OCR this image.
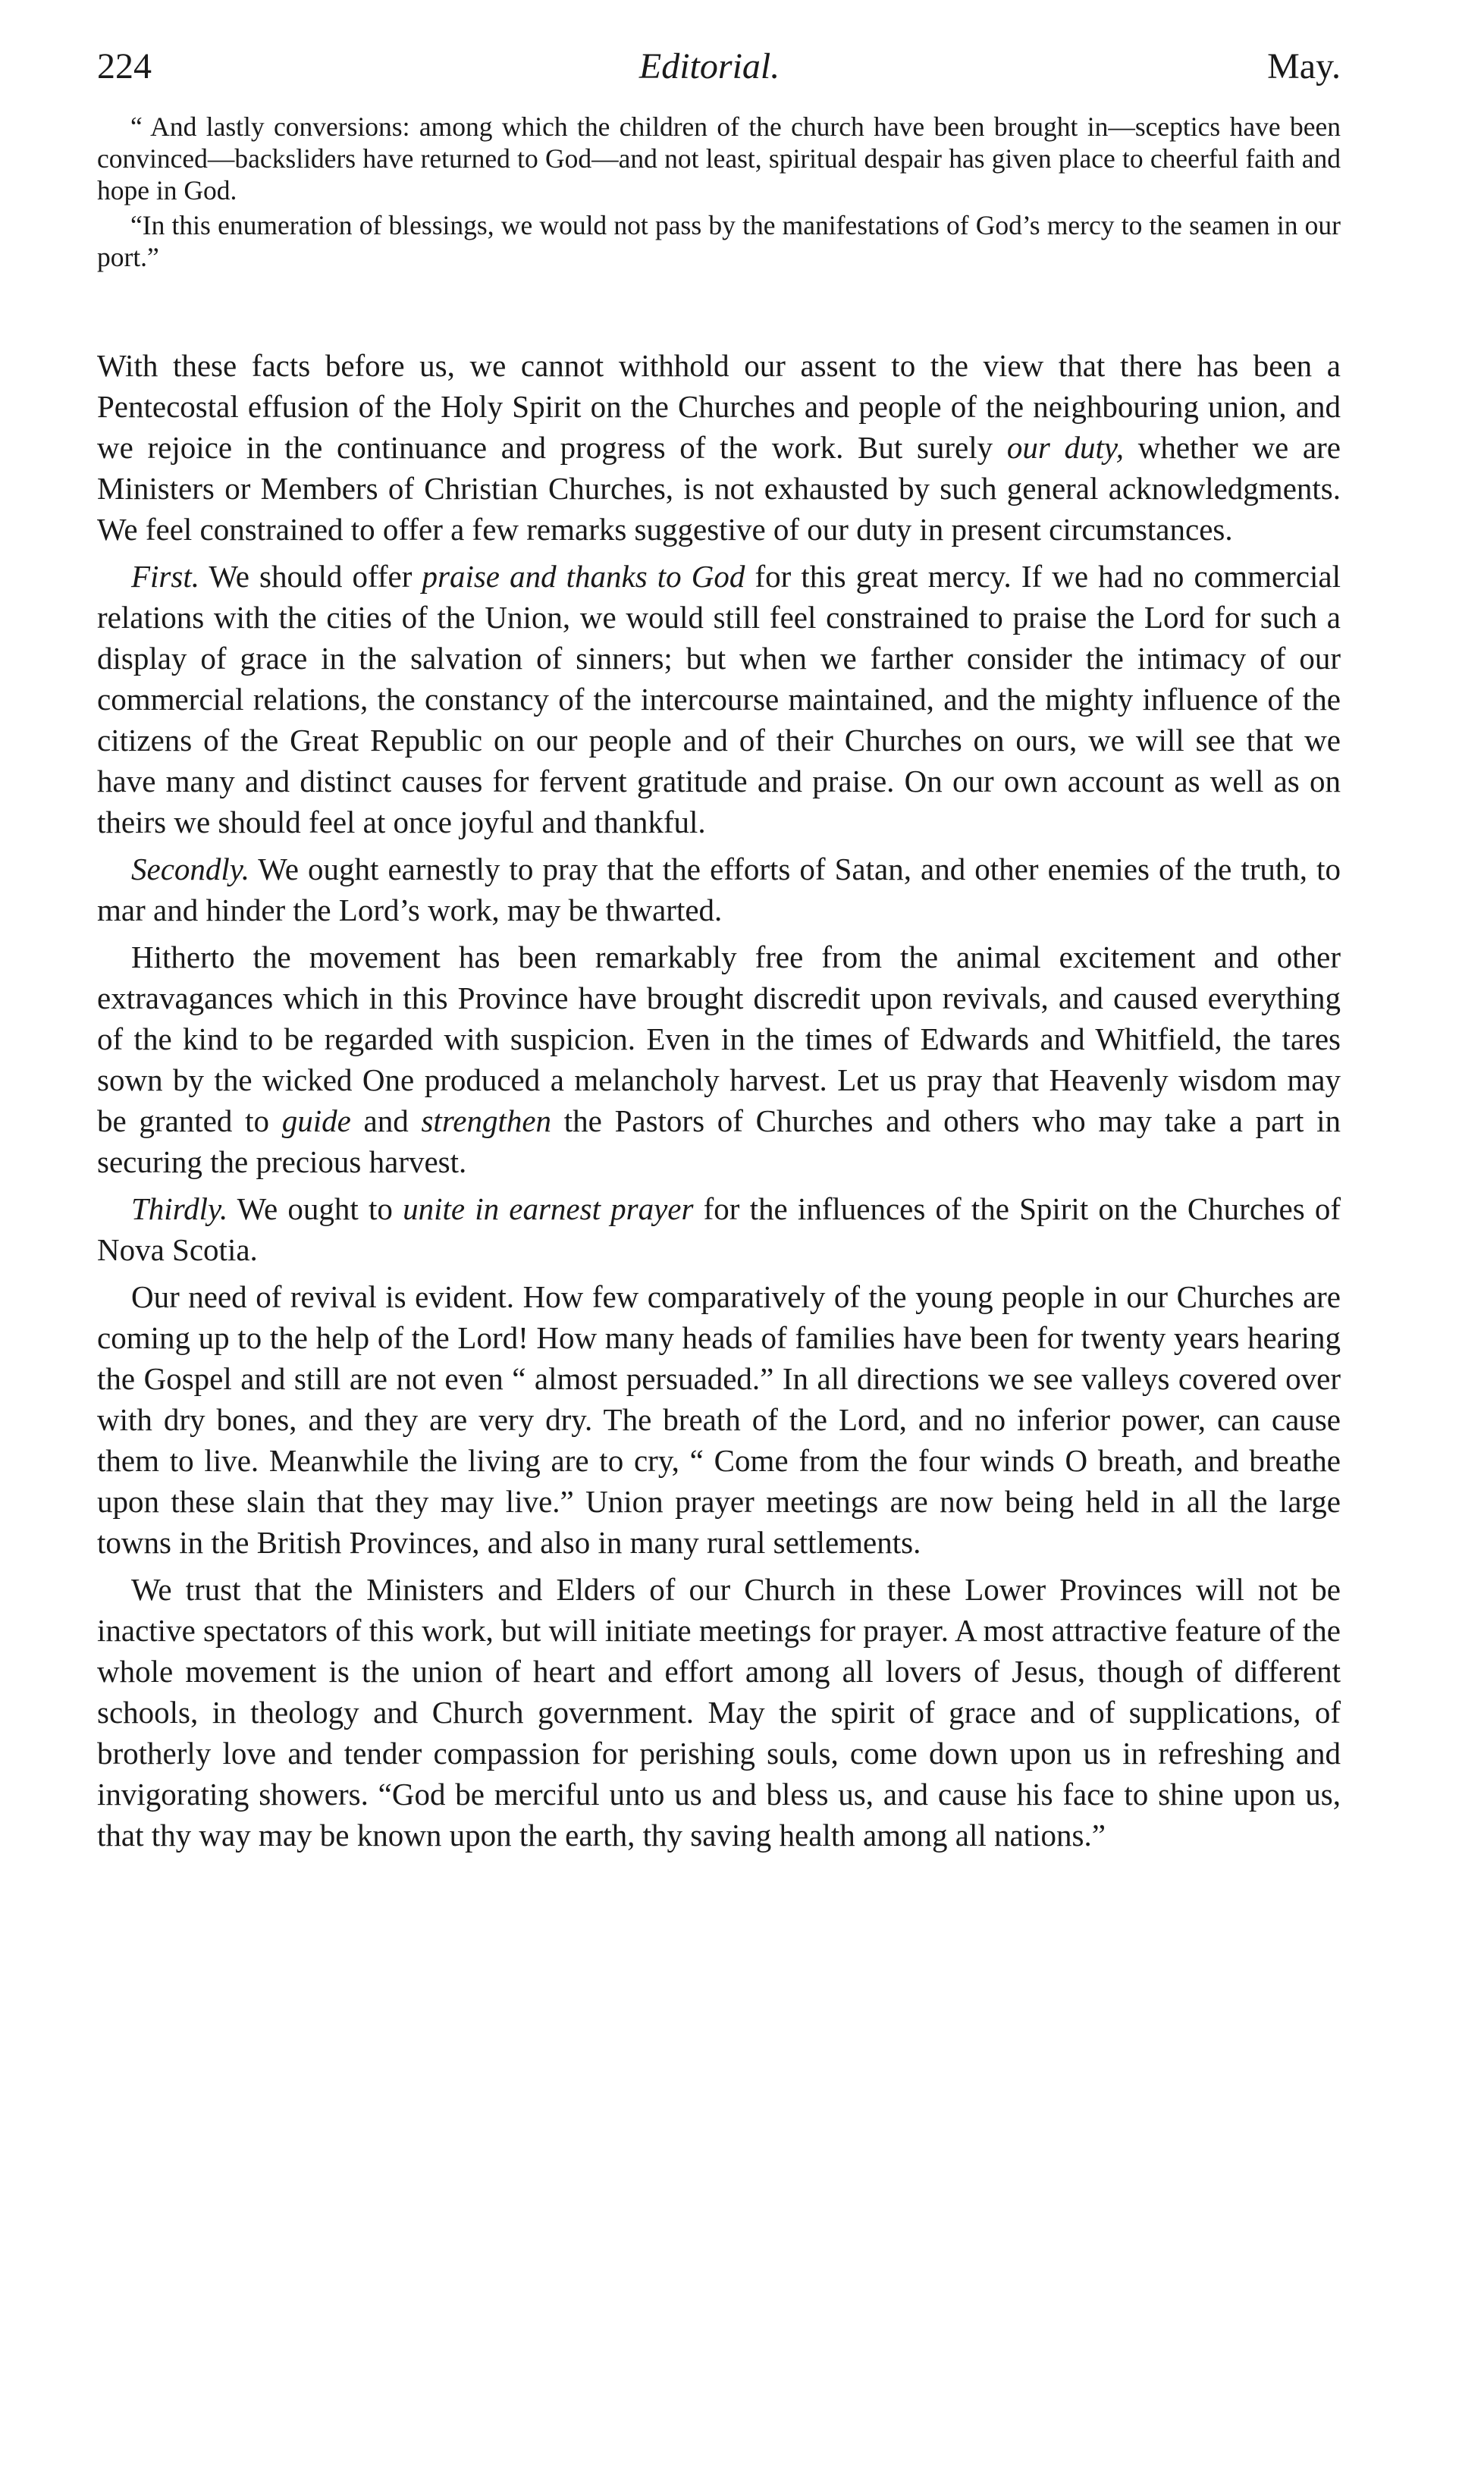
224	Editorial.	May.

“ And lastly conversions: among which the children of the church have been brought in—sceptics have been convinced—backsliders have returned to God—and not least, spiritual despair has given place to cheerful faith and hope in God.

“In this enumeration of blessings, we would not pass by the manifestations of God’s mercy to the seamen in our port.”

With these facts before us, we cannot withhold our assent to the view that there has been a Pentecostal effusion of the Holy Spirit on the Churches and people of the neighbouring union, and we rejoice in the continuance and progress of the work. But surely our duty, whether we are Ministers or Members of Christian Churches, is not exhausted by such general acknowledgments. We feel constrained to offer a few remarks suggestive of our duty in present circumstances.

First. We should offer praise and thanks to God for this great mercy. If we had no commercial relations with the cities of the Union, we would still feel constrained to praise the Lord for such a display of grace in the salvation of sinners; but when we farther consider the intimacy of our commercial relations, the constancy of the intercourse maintained, and the mighty influence of the citizens of the Great Republic on our people and of their Churches on ours, we will see that we have many and distinct causes for fervent gratitude and praise. On our own account as well as on theirs we should feel at once joyful and thankful.

Secondly. We ought earnestly to pray that the efforts of Satan, and other enemies of the truth, to mar and hinder the Lord’s work, may be thwarted.

Hitherto the movement has been remarkably free from the animal excitement and other extravagances which in this Province have brought discredit upon revivals, and caused everything of the kind to be regarded with suspicion. Even in the times of Edwards and Whitfield, the tares sown by the wicked One produced a melancholy harvest. Let us pray that Heavenly wisdom may be granted to guide and strengthen the Pastors of Churches and others who may take a part in securing the precious harvest.

Thirdly. We ought to unite in earnest prayer for the influences of the Spirit on the Churches of Nova Scotia.

Our need of revival is evident. How few comparatively of the young people in our Churches are coming up to the help of the Lord! How many heads of families have been for twenty years hearing the Gospel and still are not even “ almost persuaded.” In all directions we see valleys covered over with dry bones, and they are very dry. The breath of the Lord, and no inferior power, can cause them to live. Meanwhile the living are to cry, “ Come from the four winds O breath, and breathe upon these slain that they may live.” Union prayer meetings are now being held in all the large towns in the British Provinces, and also in many rural settlements.

We trust that the Ministers and Elders of our Church in these Lower Provinces will not be inactive spectators of this work, but will initiate meetings for prayer. A most attractive feature of the whole movement is the union of heart and effort among all lovers of Jesus, though of different schools, in theology and Church government. May the spirit of grace and of supplications, of brotherly love and tender compassion for perishing souls, come down upon us in refreshing and invigorating showers. “God be merciful unto us and bless us, and cause his face to shine upon us, that thy way may be known upon the earth, thy saving health among all nations.”
